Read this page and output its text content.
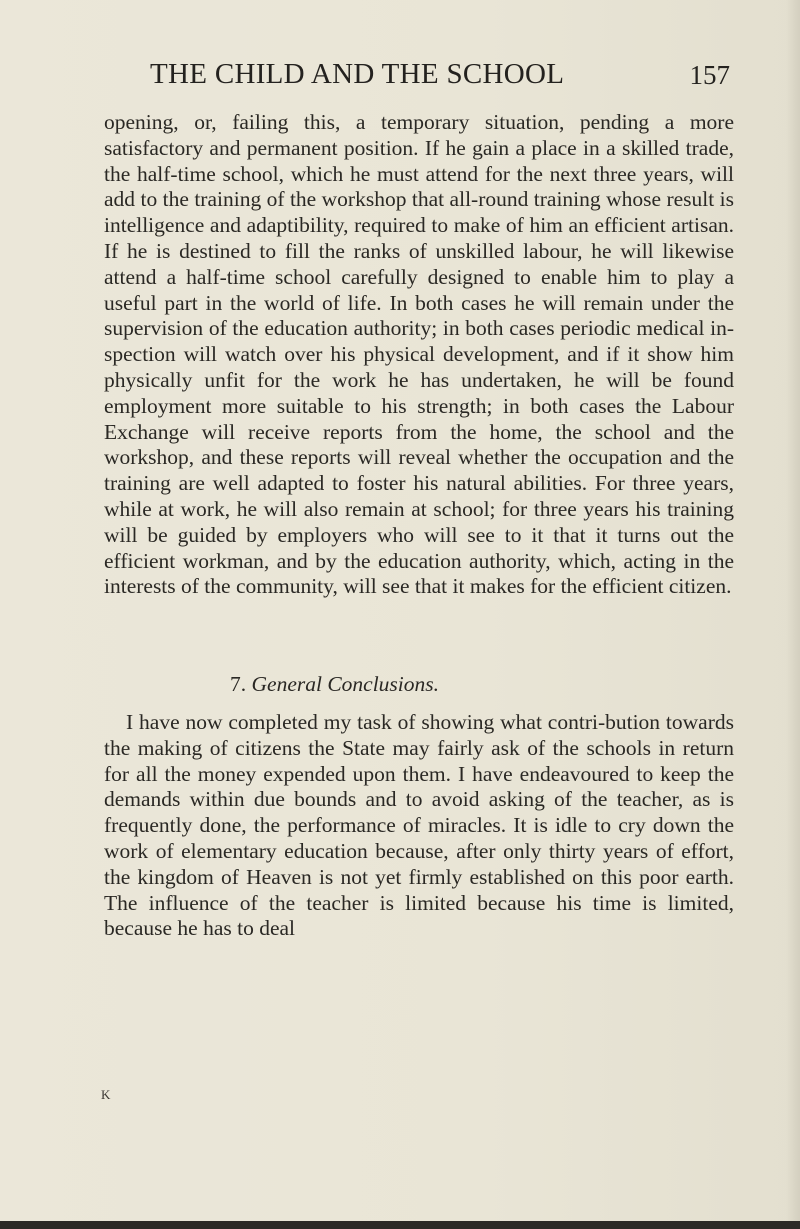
THE CHILD AND THE SCHOOL	157

opening, or, failing this, a temporary situation, pending a more satisfactory and permanent position. If he gain a place in a skilled trade, the half-time school, which he must attend for the next three years, will add to the training of the workshop that all-round training whose result is intelligence and adaptibility, required to make of him an efficient artisan. If he is destined to fill the ranks of unskilled labour, he will likewise attend a half-time school carefully designed to enable him to play a useful part in the world of life. In both cases he will remain under the supervision of the education authority; in both cases periodic medical in-spection will watch over his physical development, and if it show him physically unfit for the work he has undertaken, he will be found employment more suitable to his strength; in both cases the Labour Exchange will receive reports from the home, the school and the workshop, and these reports will reveal whether the occupation and the training are well adapted to foster his natural abilities. For three years, while at work, he will also remain at school; for three years his training will be guided by employers who will see to it that it turns out the efficient workman, and by the education authority, which, acting in the interests of the community, will see that it makes for the efficient citizen.

7. General Conclusions.

I have now completed my task of showing what contri-bution towards the making of citizens the State may fairly ask of the schools in return for all the money expended upon them. I have endeavoured to keep the demands within due bounds and to avoid asking of the teacher, as is frequently done, the performance of miracles. It is idle to cry down the work of elementary education because, after only thirty years of effort, the kingdom of Heaven is not yet firmly established on this poor earth. The influence of the teacher is limited because his time is limited, because he has to deal

K
